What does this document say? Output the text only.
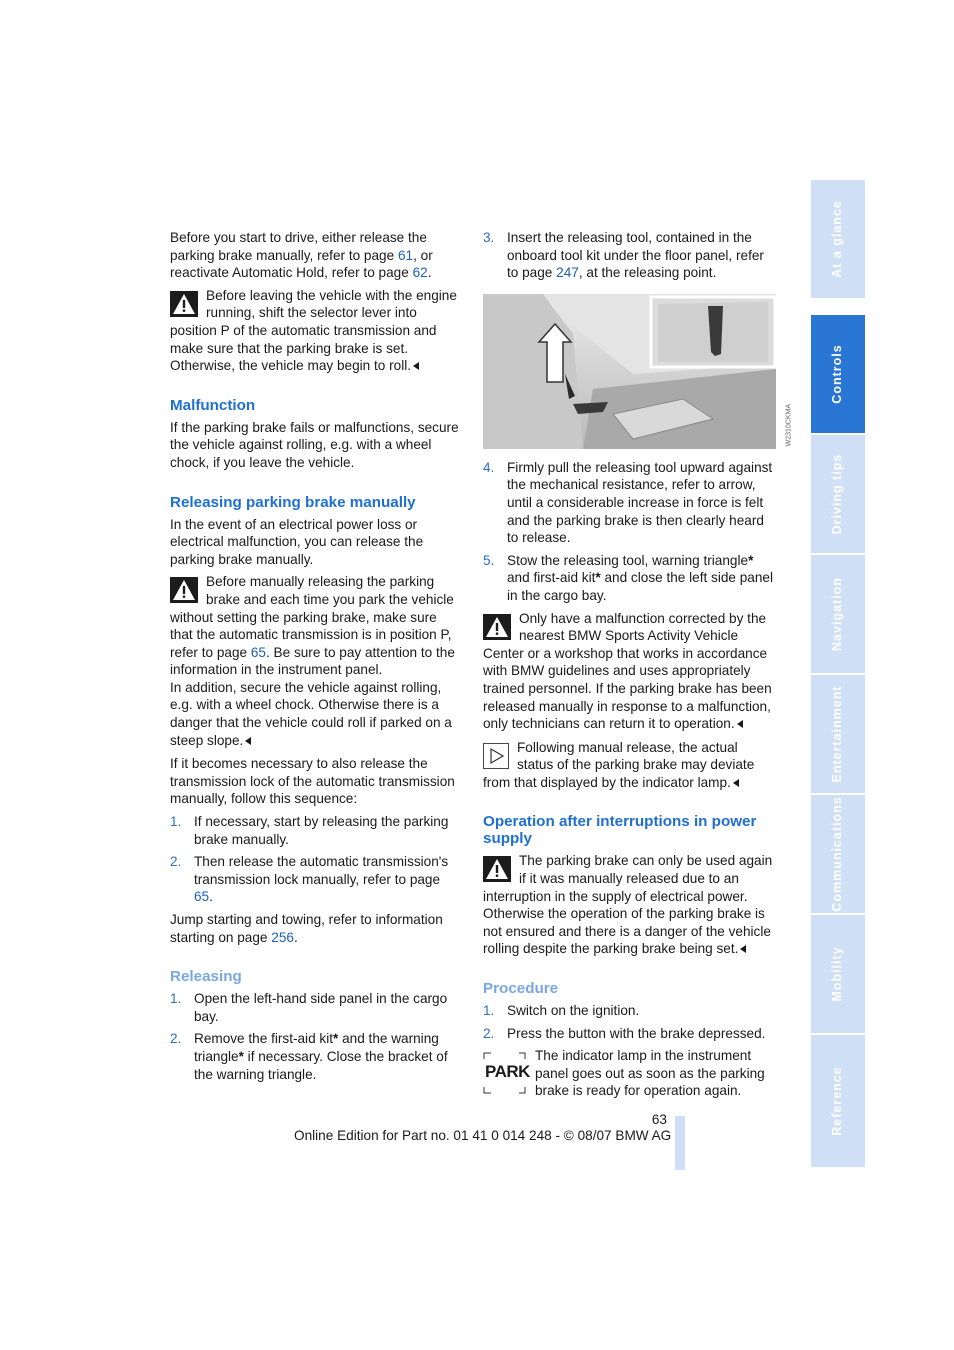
Before you start to drive, either release the parking brake manually, refer to page 61, or reactivate Automatic Hold, refer to page 62.

Before leaving the vehicle with the engine running, shift the selector lever into position P of the automatic transmission and make sure that the parking brake is set. Otherwise, the vehicle may begin to roll.
Malfunction

If the parking brake fails or malfunctions, secure the vehicle against rolling, e.g. with a wheel chock, if you leave the vehicle.

Releasing parking brake manually

In the event of an electrical power loss or electrical malfunction, you can release the parking brake manually.

Before manually releasing the parking brake and each time you park the vehicle without setting the parking brake, make sure that the automatic transmission is in position P, refer to page 65. Be sure to pay attention to the information in the instrument panel.
In addition, secure the vehicle against rolling, e.g. with a wheel chock. Otherwise there is a danger that the vehicle could roll if parked on a steep slope.

If it becomes necessary to also release the transmission lock of the automatic transmission manually, follow this sequence:

1. If necessary, start by releasing the parking brake manually.
2. Then release the automatic transmission's transmission lock manually, refer to page 65.

Jump starting and towing, refer to information starting on page 256.

Releasing
1. Open the left-hand side panel in the cargo bay.
2. Remove the first-aid kit* and the warning triangle* if necessary. Close the bracket of the warning triangle.
3. Insert the releasing tool, contained in the onboard tool kit under the floor panel, refer to page 247, at the releasing point.
W2310CKMA
4. Firmly pull the releasing tool upward against the mechanical resistance, refer to arrow, until a considerable increase in force is felt and the parking brake is then clearly heard to release.
5. Stow the releasing tool, warning triangle* and first-aid kit* and close the left side panel in the cargo bay.
Only have a malfunction corrected by the nearest BMW Sports Activity Vehicle Center or a workshop that works in accordance with BMW guidelines and uses appropriately trained personnel. If the parking brake has been released manually in response to a malfunction, only technicians can return it to operation.
Following manual release, the actual status of the parking brake may deviate from that displayed by the indicator lamp.
Operation after interruptions in power supply
The parking brake can only be used again if it was manually released due to an interruption in the supply of electrical power. Otherwise the operation of the parking brake is not ensured and there is a danger of the vehicle rolling despite the parking brake being set.
Procedure
1. Switch on the ignition.
2. Press the button with the brake depressed.
PARK
The indicator lamp in the instrument panel goes out as soon as the parking brake is ready for operation again.
At a glance
Controls
Driving tips
Navigation
Entertainment
Communications
Mobility
Reference
63
Online Edition for Part no. 01 41 0 014 248 - © 08/07 BMW AG
